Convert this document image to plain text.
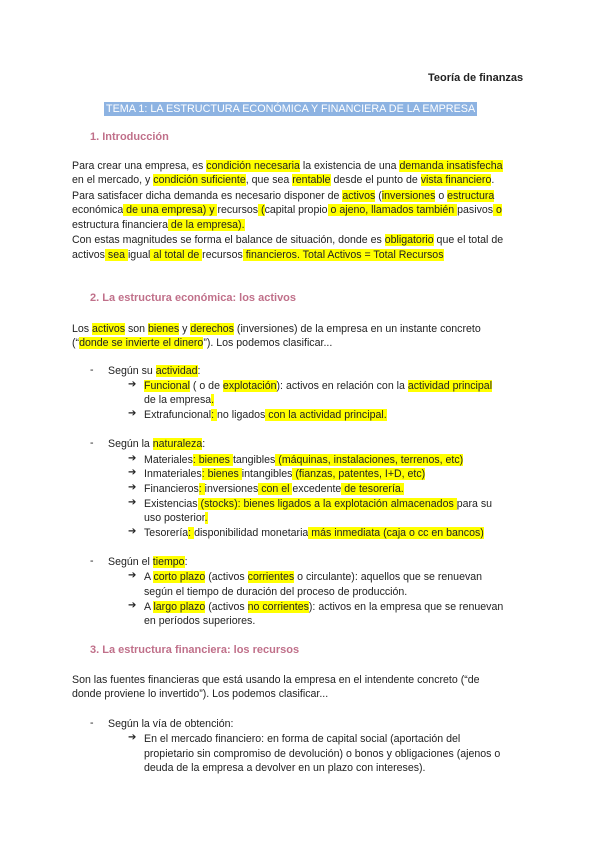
Teoría de finanzas
TEMA 1: LA ESTRUCTURA ECONÓMICA Y FINANCIERA DE LA EMPRESA
1. Introducción
Para crear una empresa, es condición necesaria la existencia de una demanda insatisfecha
en el mercado, y condición suficiente, que sea rentable desde el punto de vista financiero.
Para satisfacer dicha demanda es necesario disponer de activos (inversiones o estructura
económica de una empresa) y recursos (capital propio o ajeno, llamados también pasivos o
estructura financiera de la empresa).
Con estas magnitudes se forma el balance de situación, donde es obligatorio que el total de
activos sea igual al total de recursos financieros. Total Activos = Total Recursos
2. La estructura económica: los activos
Los activos son bienes y derechos (inversiones) de la empresa en un instante concreto
(“donde se invierte el dinero”). Los podemos clasificar...
- Según su actividad:
➔ Funcional ( o de explotación): activos en relación con la actividad principal
de la empresa.
➔ Extrafuncional: no ligados con la actividad principal.
- Según la naturaleza:
➔ Materiales: bienes tangibles (máquinas, instalaciones, terrenos, etc)
➔ Inmateriales: bienes intangibles (fianzas, patentes, I+D, etc)
➔ Financieros: inversiones con el excedente de tesorería.
➔ Existencias (stocks): bienes ligados a la explotación almacenados para su
uso posterior.
➔ Tesorería: disponibilidad monetaria más inmediata (caja o cc en bancos)
- Según el tiempo:
➔ A corto plazo (activos corrientes o circulante): aquellos que se renuevan
según el tiempo de duración del proceso de producción.
➔ A largo plazo (activos no corrientes): activos en la empresa que se renuevan
en períodos superiores.
3. La estructura financiera: los recursos
Son las fuentes financieras que está usando la empresa en el intendente concreto (“de
donde proviene lo invertido”). Los podemos clasificar...
- Según la vía de obtención:
➔ En el mercado financiero: en forma de capital social (aportación del
propietario sin compromiso de devolución) o bonos y obligaciones (ajenos o
deuda de la empresa a devolver en un plazo con intereses).
